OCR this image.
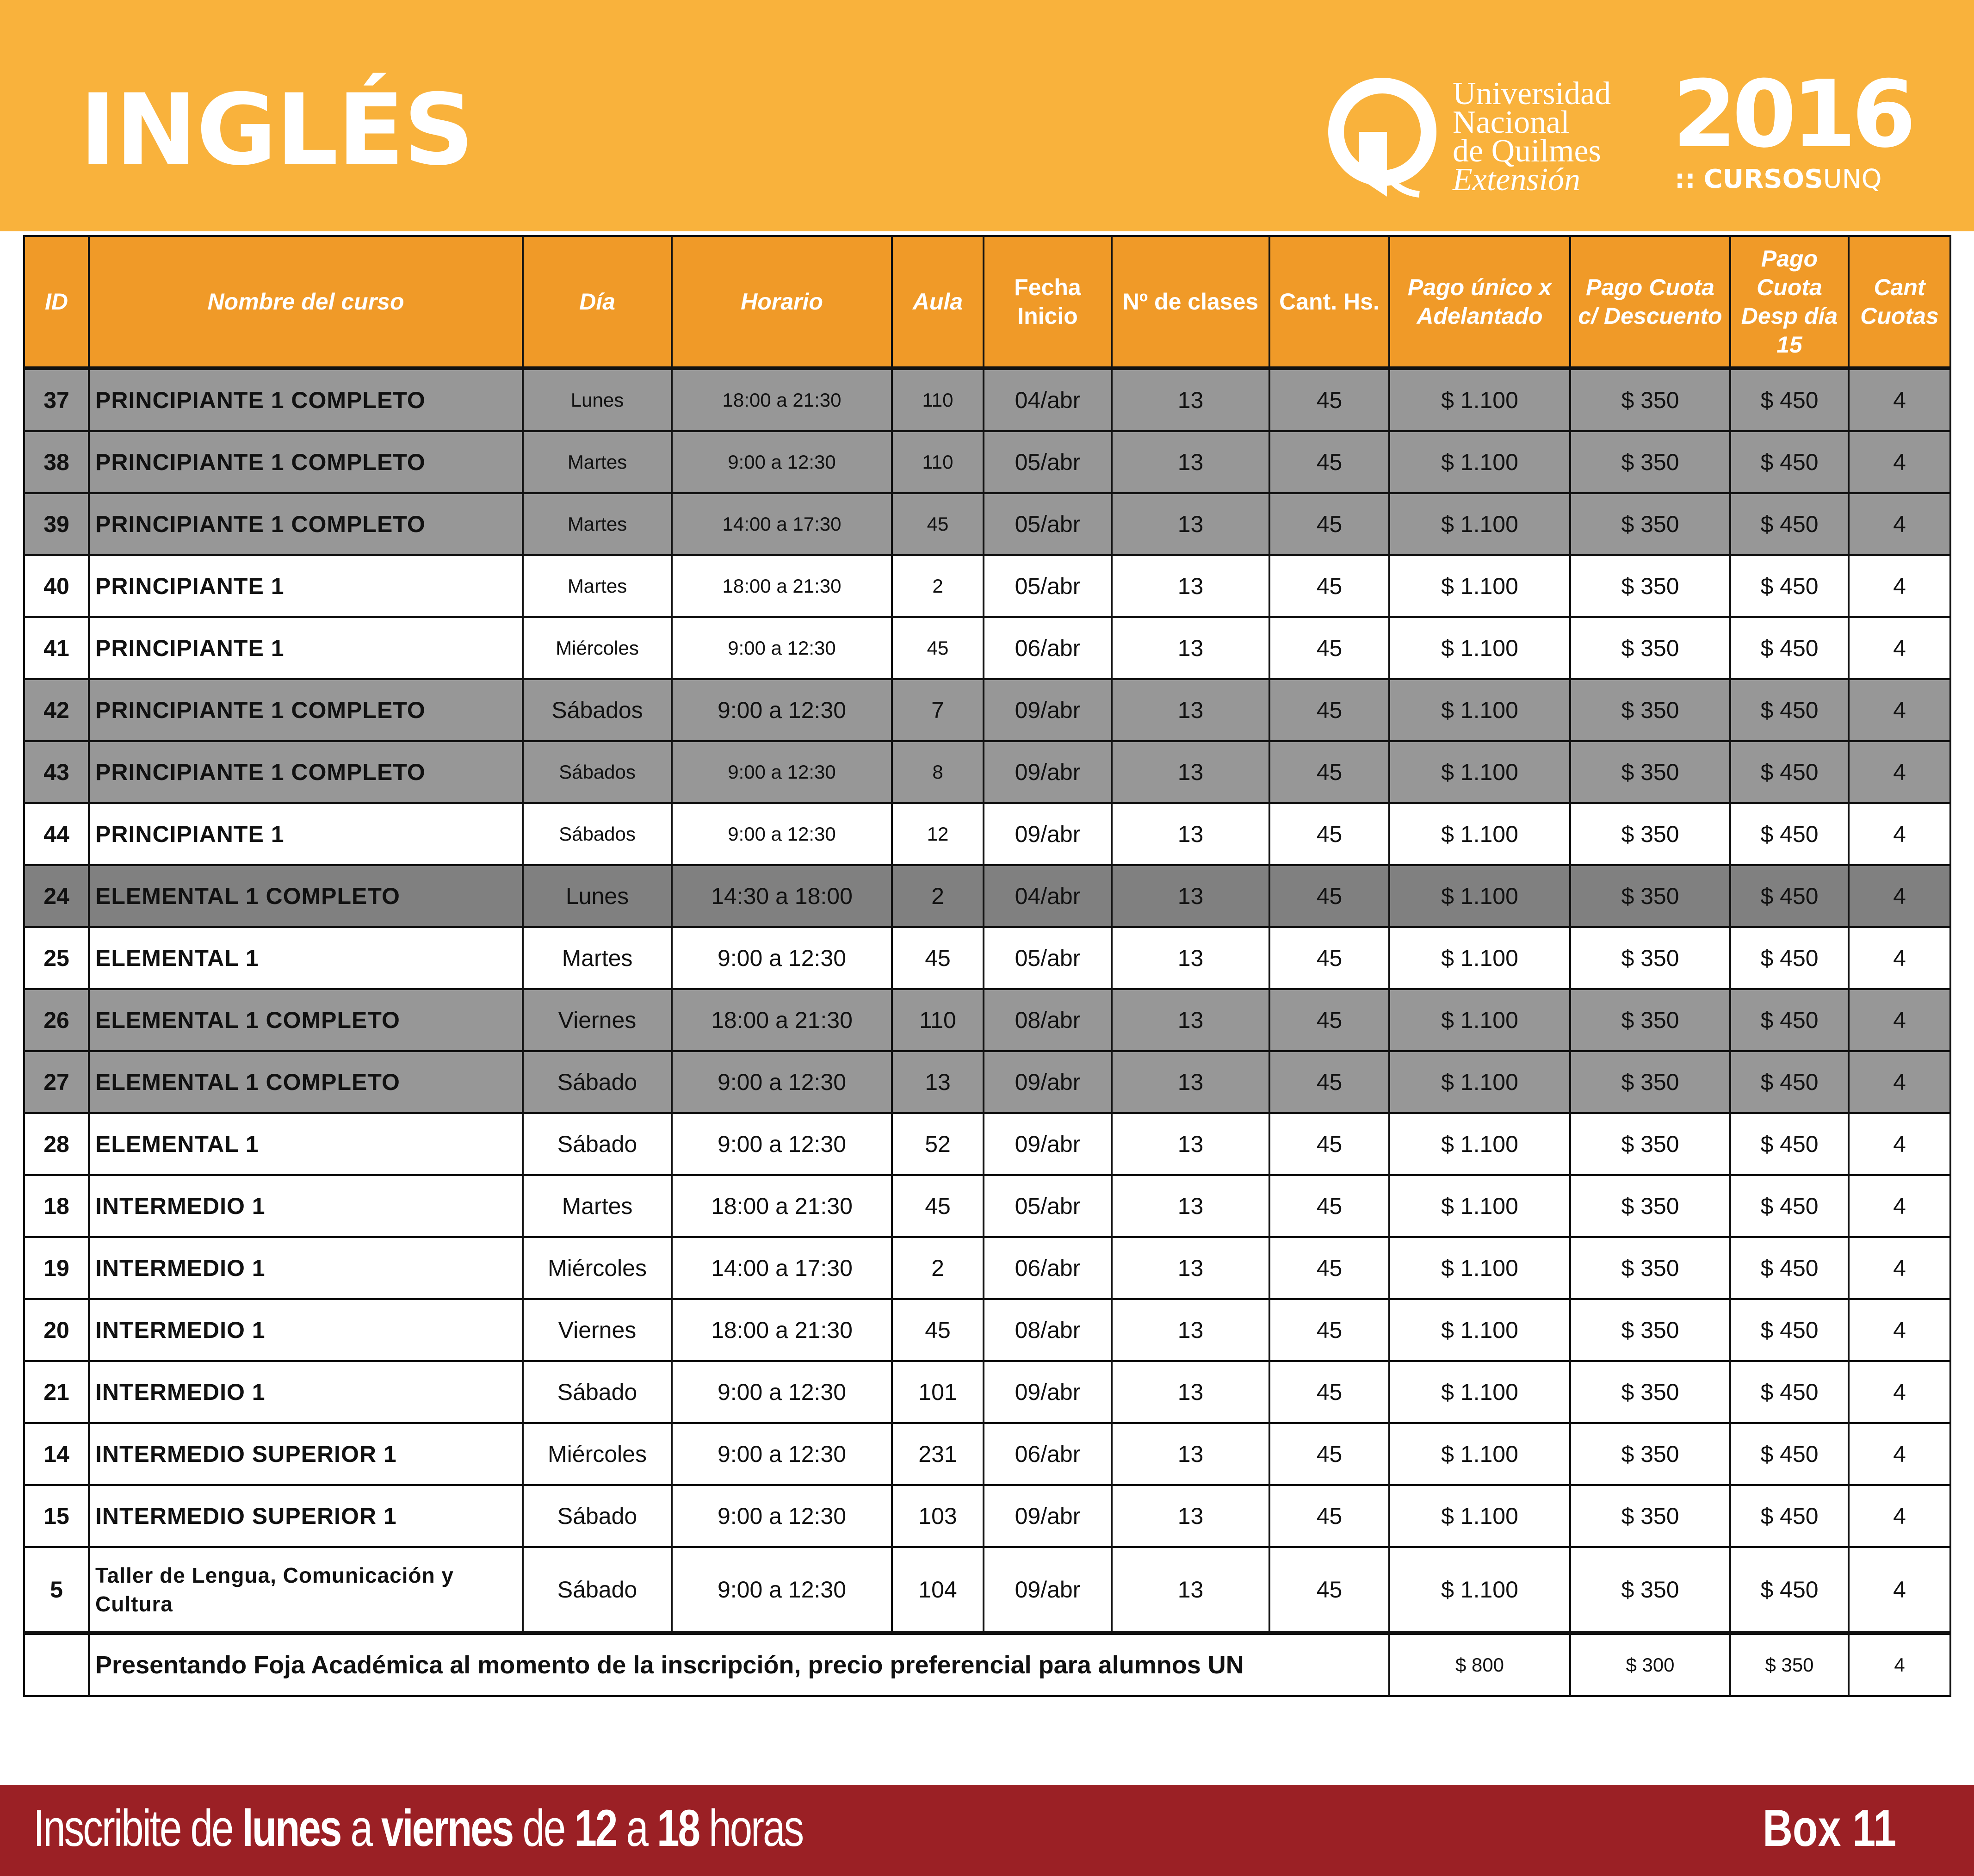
INGLÉS	Universidad
Nacional
de Quilmes
Extensión
2016
:: CURSOSUNQ
ID	Nombre del curso	Día	Horario	Aula	Fecha Inicio	Nº de clases	Cant. Hs.	Pago único x Adelantado	Pago Cuota c/ Descuento	Pago Cuota Desp día 15	Cant Cuotas
37	PRINCIPIANTE 1 COMPLETO	Lunes	18:00 a 21:30	110	04/abr	13	45	$ 1.100	$ 350	$ 450	4
38	PRINCIPIANTE 1 COMPLETO	Martes	9:00 a 12:30	110	05/abr	13	45	$ 1.100	$ 350	$ 450	4
39	PRINCIPIANTE 1 COMPLETO	Martes	14:00 a 17:30	45	05/abr	13	45	$ 1.100	$ 350	$ 450	4
40	PRINCIPIANTE 1	Martes	18:00 a 21:30	2	05/abr	13	45	$ 1.100	$ 350	$ 450	4
41	PRINCIPIANTE 1	Miércoles	9:00 a 12:30	45	06/abr	13	45	$ 1.100	$ 350	$ 450	4
42	PRINCIPIANTE 1 COMPLETO	Sábados	9:00 a 12:30	7	09/abr	13	45	$ 1.100	$ 350	$ 450	4
43	PRINCIPIANTE 1 COMPLETO	Sábados	9:00 a 12:30	8	09/abr	13	45	$ 1.100	$ 350	$ 450	4
44	PRINCIPIANTE 1	Sábados	9:00 a 12:30	12	09/abr	13	45	$ 1.100	$ 350	$ 450	4
24	ELEMENTAL 1 COMPLETO	Lunes	14:30 a 18:00	2	04/abr	13	45	$ 1.100	$ 350	$ 450	4
25	ELEMENTAL 1	Martes	9:00 a 12:30	45	05/abr	13	45	$ 1.100	$ 350	$ 450	4
26	ELEMENTAL 1 COMPLETO	Viernes	18:00 a 21:30	110	08/abr	13	45	$ 1.100	$ 350	$ 450	4
27	ELEMENTAL 1 COMPLETO	Sábado	9:00 a 12:30	13	09/abr	13	45	$ 1.100	$ 350	$ 450	4
28	ELEMENTAL 1	Sábado	9:00 a 12:30	52	09/abr	13	45	$ 1.100	$ 350	$ 450	4
18	INTERMEDIO 1	Martes	18:00 a 21:30	45	05/abr	13	45	$ 1.100	$ 350	$ 450	4
19	INTERMEDIO 1	Miércoles	14:00 a 17:30	2	06/abr	13	45	$ 1.100	$ 350	$ 450	4
20	INTERMEDIO 1	Viernes	18:00 a 21:30	45	08/abr	13	45	$ 1.100	$ 350	$ 450	4
21	INTERMEDIO 1	Sábado	9:00 a 12:30	101	09/abr	13	45	$ 1.100	$ 350	$ 450	4
14	INTERMEDIO SUPERIOR 1	Miércoles	9:00 a 12:30	231	06/abr	13	45	$ 1.100	$ 350	$ 450	4
15	INTERMEDIO SUPERIOR 1	Sábado	9:00 a 12:30	103	09/abr	13	45	$ 1.100	$ 350	$ 450	4
5	Taller de Lengua, Comunicación y Cultura	Sábado	9:00 a 12:30	104	09/abr	13	45	$ 1.100	$ 350	$ 450	4
	Presentando Foja Académica al momento de la inscripción, precio preferencial para alumnos UN							$ 800	$ 300	$ 350	4
Inscribite de lunes a viernes de 12 a 18 horas	Box 11
